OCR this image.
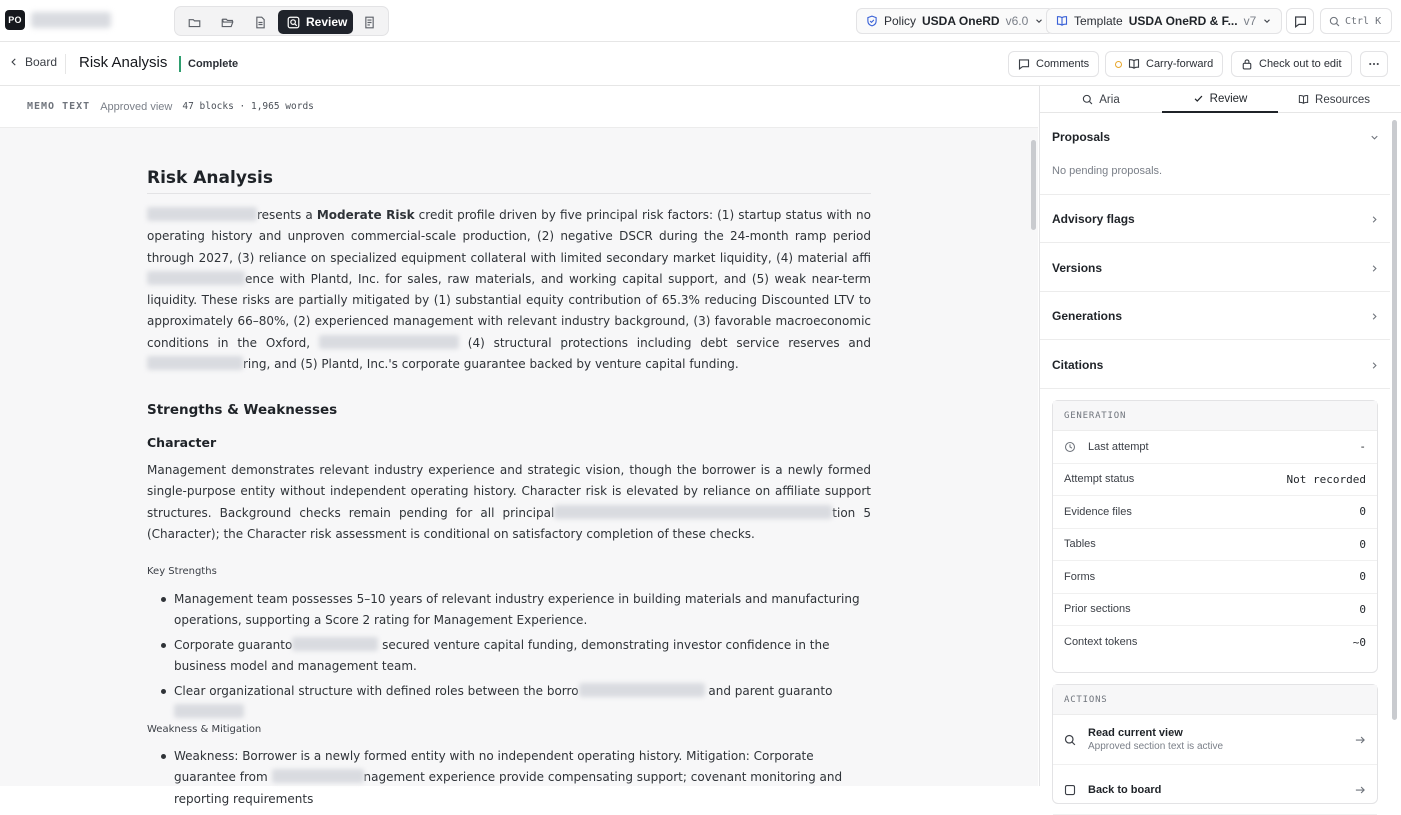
PO	Review	Policy USDA OneRD v6.0	Template USDA OneRD & F... v7	Ctrl K
Board Risk Analysis	Complete	Comments	Carry-forward	Check out to edit
MEMO TEXT Approved view 47 blocks · 1,965 words
Risk Analysis
resents a Moderate Risk credit profile driven by five principal risk factors: (1) startup status with no operating history and unproven commercial-scale production, (2) negative DSCR during the 24-month ramp period through 2027, (3) reliance on specialized equipment collateral with limited secondary market liquidity, (4) material affience with Plantd, Inc. for sales, raw materials, and working capital support, and (5) weak near-term liquidity. These risks are partially mitigated by (1) substantial equity contribution of 65.3% reducing Discounted LTV to approximately 66–80%, (2) experienced management with relevant industry background, (3) favorable macroeconomic conditions in the Oxford,	(4) structural protections including debt service reserves andring, and (5) Plantd, Inc.'s corporate guarantee backed by venture capital funding.
Strengths & Weaknesses
Character
Management demonstrates relevant industry experience and strategic vision, though the borrower is a newly formed single-purpose entity without independent operating history. Character risk is elevated by reliance on affiliate support structures. Background checks remain pending for all principal	tion 5 (Character); the Character risk assessment is conditional on satisfactory completion of these checks.
Key Strengths
Management team possesses 5–10 years of relevant industry experience in building materials and manufacturing operations, supporting a Score 2 rating for Management Experience.
Corporate guaranto	secured venture capital funding, demonstrating investor confidence in the business model and management team.
Clear organizational structure with defined roles between the borro	and parent guaranto
Weakness & Mitigation
Weakness: Borrower is a newly formed entity with no independent operating history. Mitigation: Corporate guarantee from	nagement experience provide compensating support; covenant monitoring and reporting requirements
Aria	Review	Resources
Proposals
No pending proposals.
Advisory flags
Versions
Generations
Citations
GENERATION
Last attempt	-
Attempt status	Not recorded
Evidence files	0
Tables	0
Forms	0
Prior sections	0
Context tokens	~0
ACTIONS
Read current view
Approved section text is active
Back to board
